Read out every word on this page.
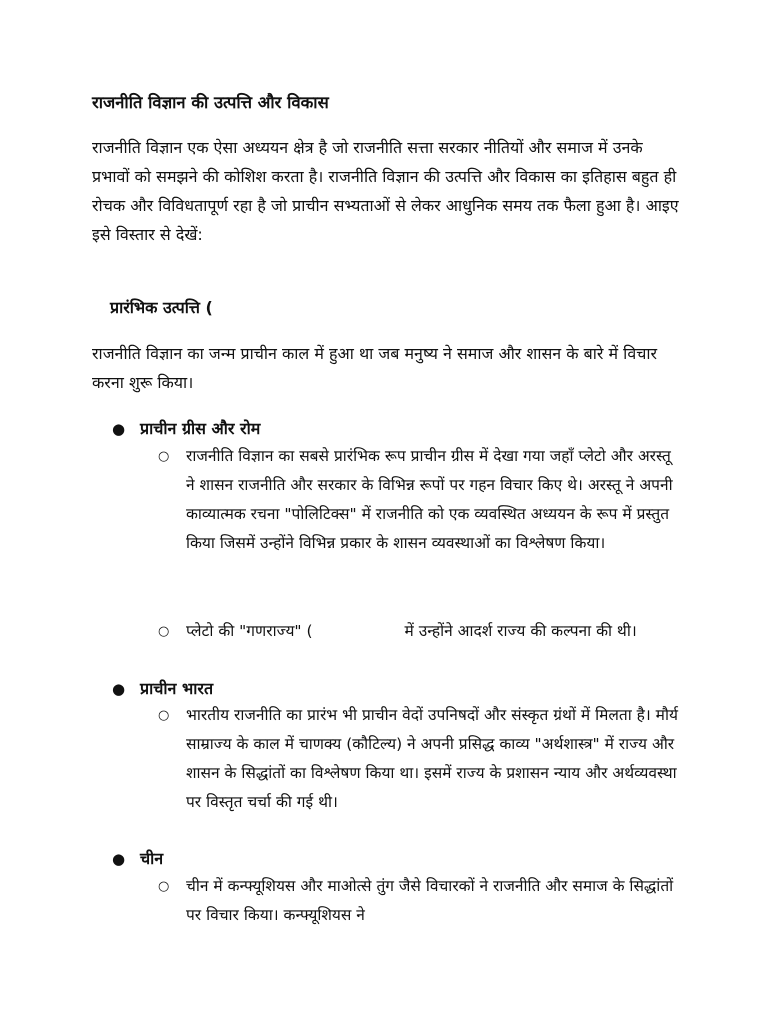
राजनीति विज्ञान की उत्पत्ति और विकास
राजनीति विज्ञान एक ऐसा अध्ययन क्षेत्र है जो राजनीति सत्ता सरकार नीतियों और समाज में उनके प्रभावों को समझने की कोशिश करता है। राजनीति विज्ञान की उत्पत्ति और विकास का इतिहास बहुत ही रोचक और विविधतापूर्ण रहा है जो प्राचीन सभ्यताओं से लेकर आधुनिक समय तक फैला हुआ है। आइए इसे विस्तार से देखें:
प्रारंभिक उत्पत्ति (
राजनीति विज्ञान का जन्म प्राचीन काल में हुआ था जब मनुष्य ने समाज और शासन के बारे में विचार करना शुरू किया।
● प्राचीन ग्रीस और रोम
○ राजनीति विज्ञान का सबसे प्रारंभिक रूप प्राचीन ग्रीस में देखा गया जहाँ प्लेटो और अरस्तू ने शासन राजनीति और सरकार के विभिन्न रूपों पर गहन विचार किए थे। अरस्तू ने अपनी काव्यात्मक रचना "पोलिटिक्स" में राजनीति को एक व्यवस्थित अध्ययन के रूप में प्रस्तुत किया जिसमें उन्होंने विभिन्न प्रकार के शासन व्यवस्थाओं का विश्लेषण किया।
○ प्लेटो की "गणराज्य" (	में उन्होंने आदर्श राज्य की कल्पना की थी।
● प्राचीन भारत
○ भारतीय राजनीति का प्रारंभ भी प्राचीन वेदों उपनिषदों और संस्कृत ग्रंथों में मिलता है। मौर्य साम्राज्य के काल में चाणक्य (कौटिल्य) ने अपनी प्रसिद्ध काव्य "अर्थशास्त्र" में राज्य और शासन के सिद्धांतों का विश्लेषण किया था। इसमें राज्य के प्रशासन न्याय और अर्थव्यवस्था पर विस्तृत चर्चा की गई थी।
● चीन
○ चीन में कन्फ्यूशियस और माओत्से तुंग जैसे विचारकों ने राजनीति और समाज के सिद्धांतों पर विचार किया। कन्फ्यूशियस ने
